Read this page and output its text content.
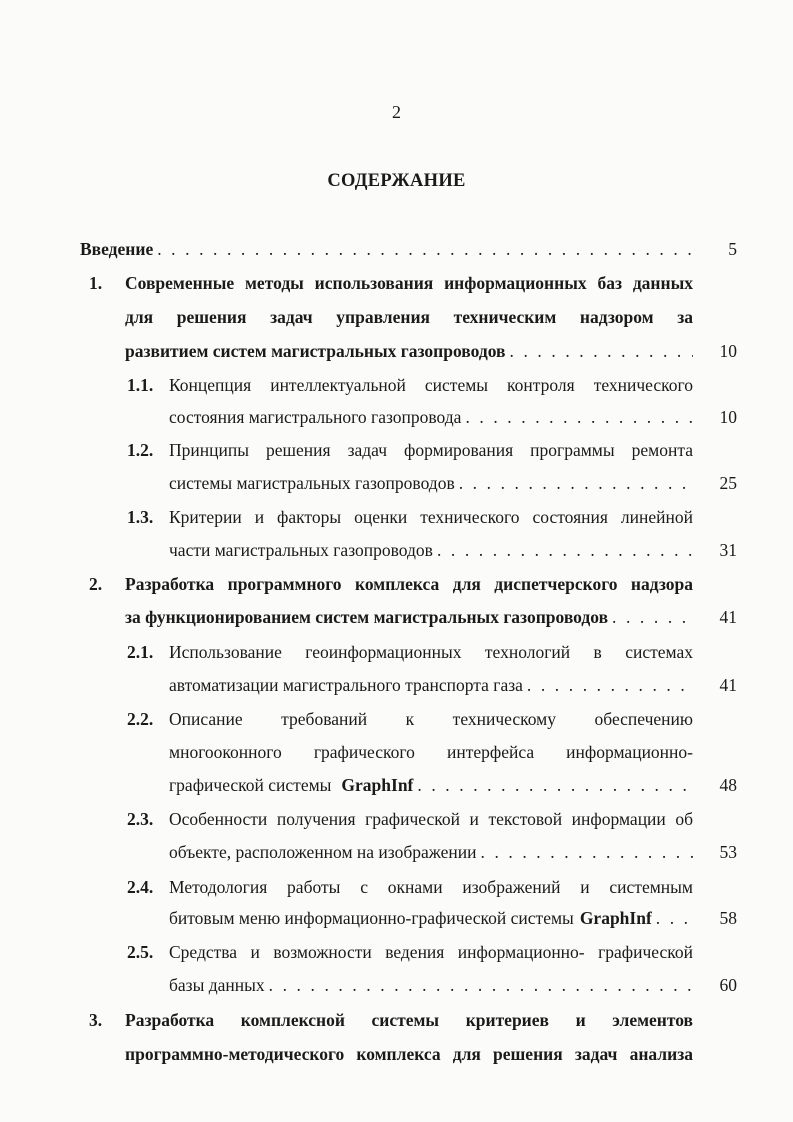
2
СОДЕРЖАНИЕ
Введение . . .	5
1. Современные методы использования информационных баз данных
для решения задач управления техническим надзором за
развитием систем магистральных газопроводов . . .	10
1.1. Концепция интеллектуальной системы контроля технического
состояния магистрального газопровода . . .	10
1.2. Принципы решения задач формирования программы ремонта
системы магистральных газопроводов . . .	25
1.3. Критерии и факторы оценки технического состояния линейной
части магистральных газопроводов . . .	31
2. Разработка программного комплекса для диспетчерского надзора
за функционированием систем магистральных газопроводов . . .	41
2.1. Использование геоинформационных технологий в системах
автоматизации магистрального транспорта газа . . .	41
2.2. Описание требований к техническому обеспечению
многооконного графического интерфейса информационно-
графической системы GraphInf . . .	48
2.3. Особенности получения графической и текстовой информации об
объекте, расположенном на изображении . . .	53
2.4. Методология работы с окнами изображений и системным
битовым меню информационно-графической системы GraphInf . . .	58
2.5. Средства и возможности ведения информационно- графической
базы данных . . .	60
3. Разработка комплексной системы критериев и элементов
программно-методического комплекса для решения задач анализа
